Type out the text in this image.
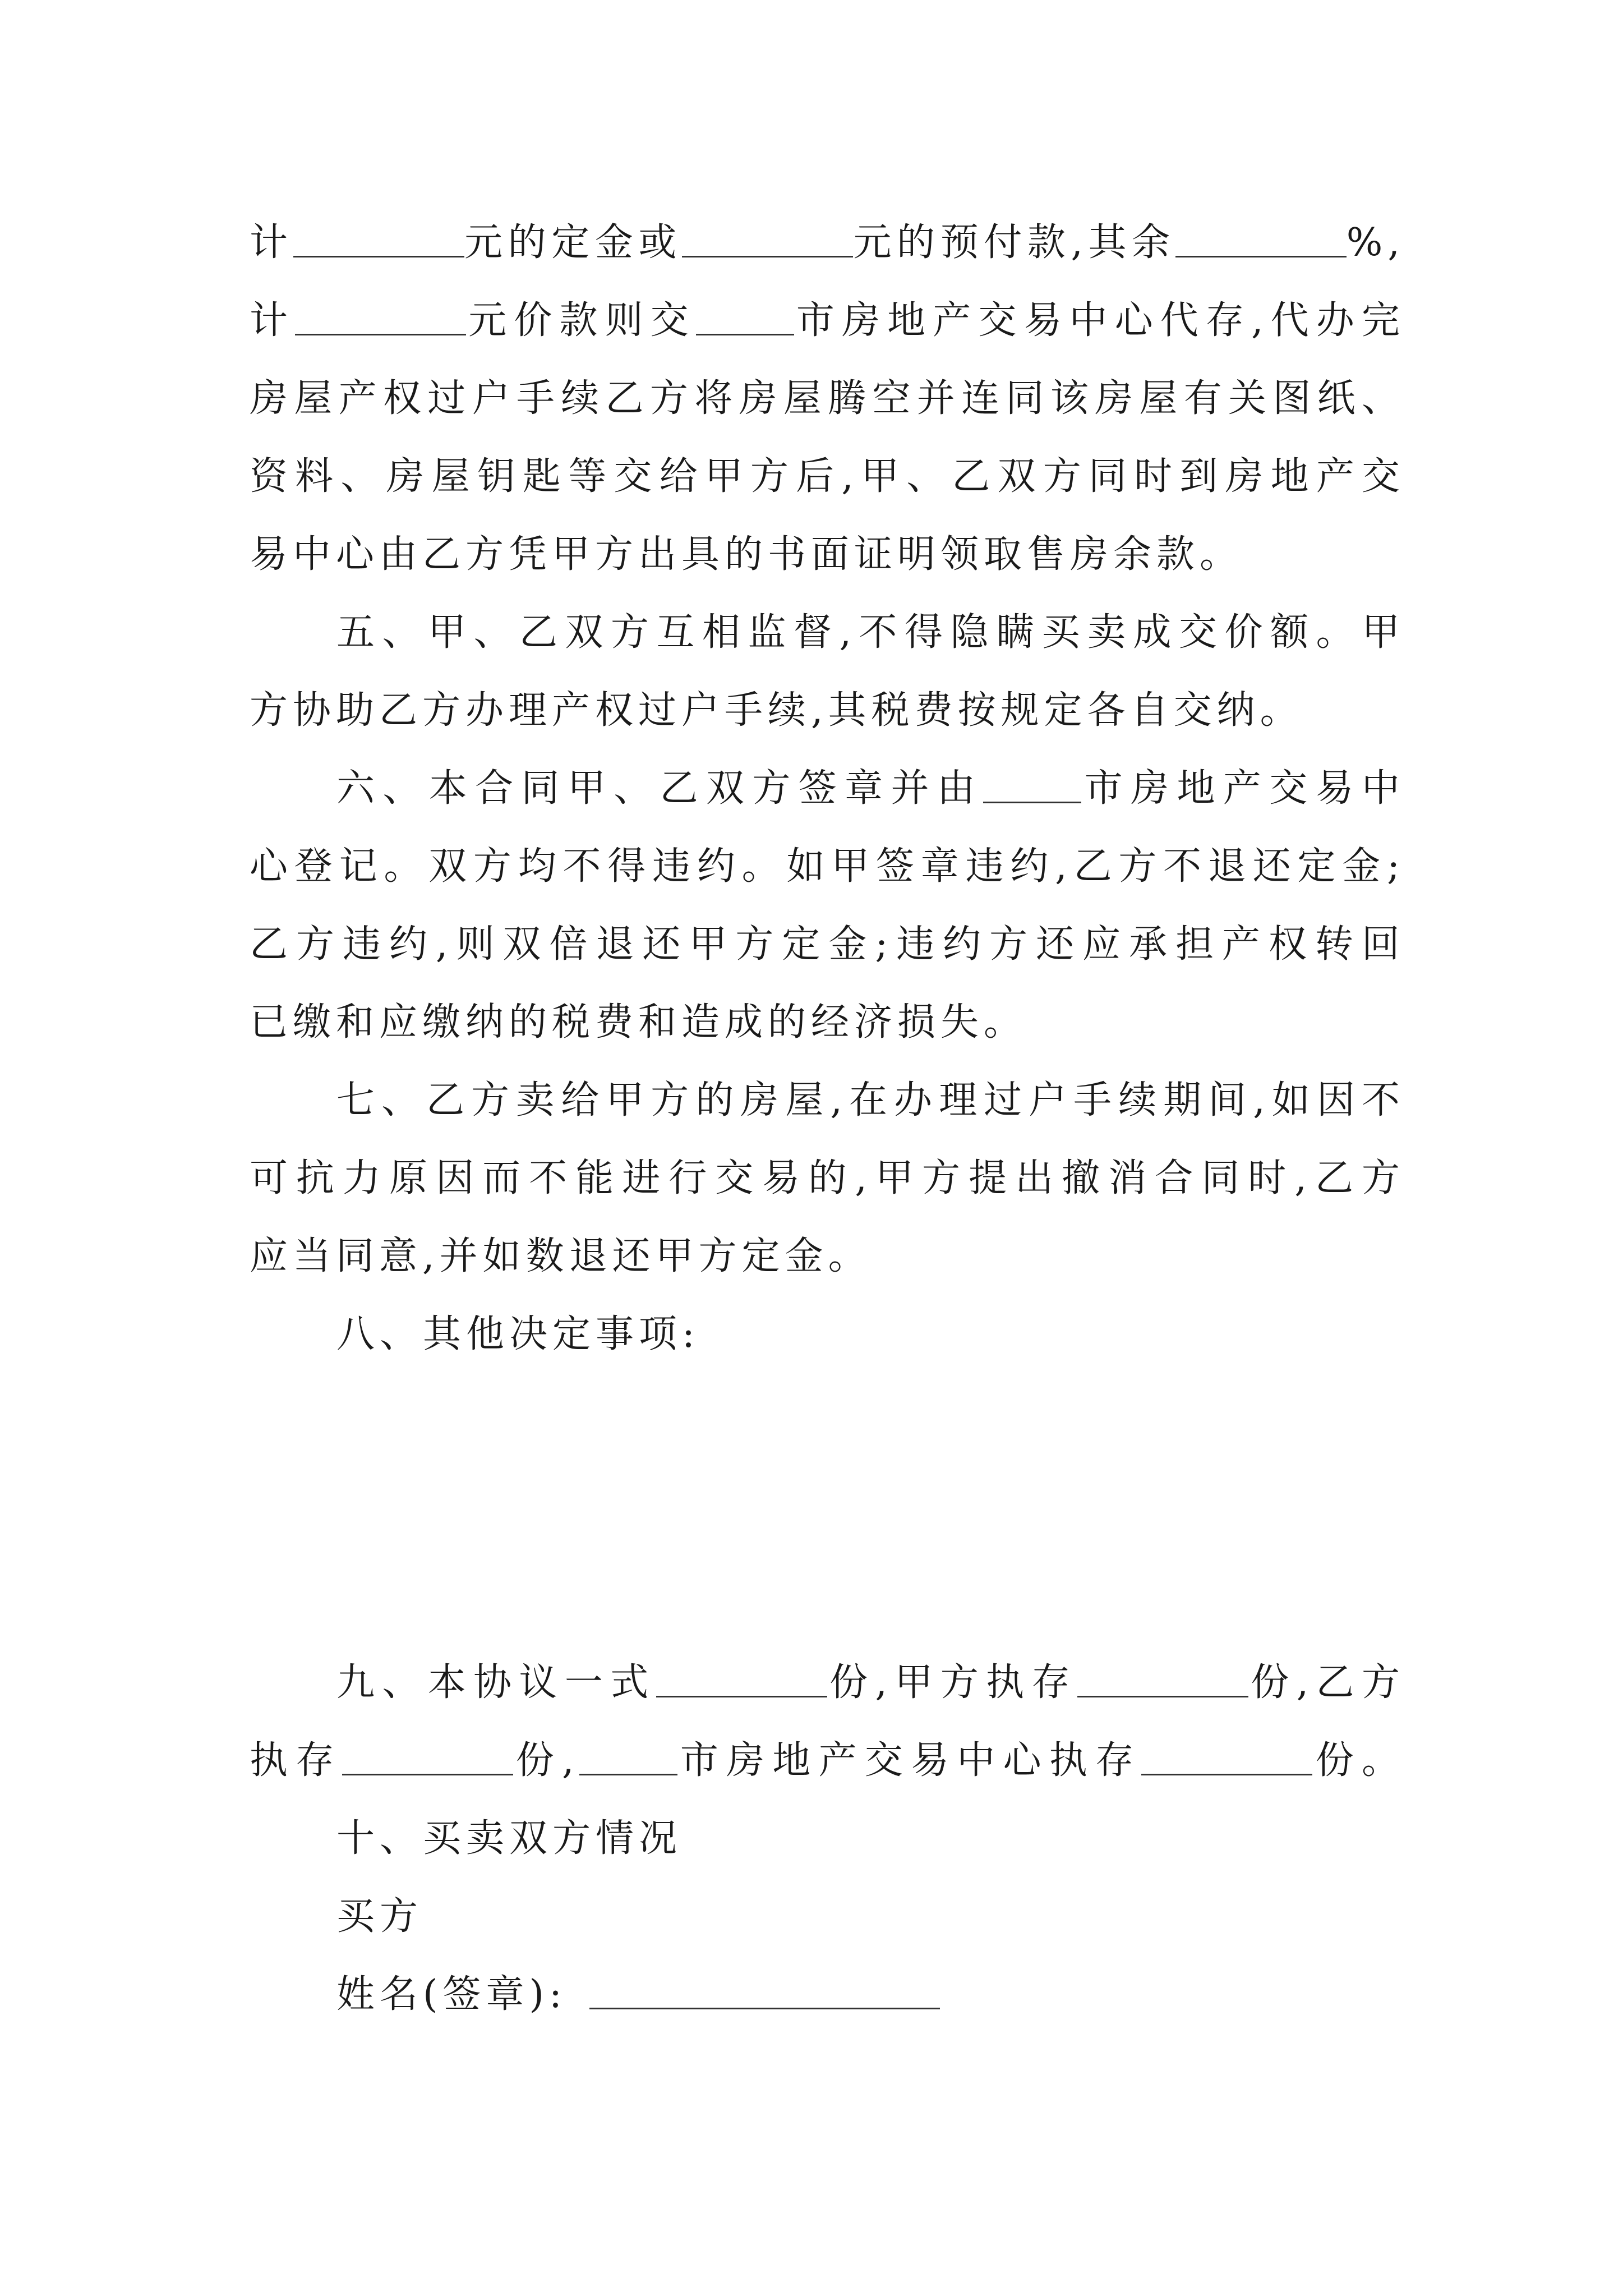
计	元的定金或	元的预付款,其余	%,
计	元价款则交	市房地产交易中心代存,代办完
房屋产权过户手续乙方将房屋腾空并连同该房屋有关图纸、
资料、房屋钥匙等交给甲方后,甲、乙双方同时到房地产交
易中心由乙方凭甲方出具的书面证明领取售房余款。
五、甲、乙双方互相监督,不得隐瞒买卖成交价额。甲
方协助乙方办理产权过户手续,其税费按规定各自交纳。
六、本合同甲、乙双方签章并由	市房地产交易中
心登记。双方均不得违约。如甲签章违约,乙方不退还定金;
乙方违约,则双倍退还甲方定金;违约方还应承担产权转回
已缴和应缴纳的税费和造成的经济损失。
七、乙方卖给甲方的房屋,在办理过户手续期间,如因不
可抗力原因而不能进行交易的,甲方提出撤消合同时,乙方
应当同意,并如数退还甲方定金。
八、其他决定事项:
九、本协议一式	份,甲方执存	份,乙方
执存	份,	市房地产交易中心执存	份。
十、买卖双方情况
买方
姓名(签章):
